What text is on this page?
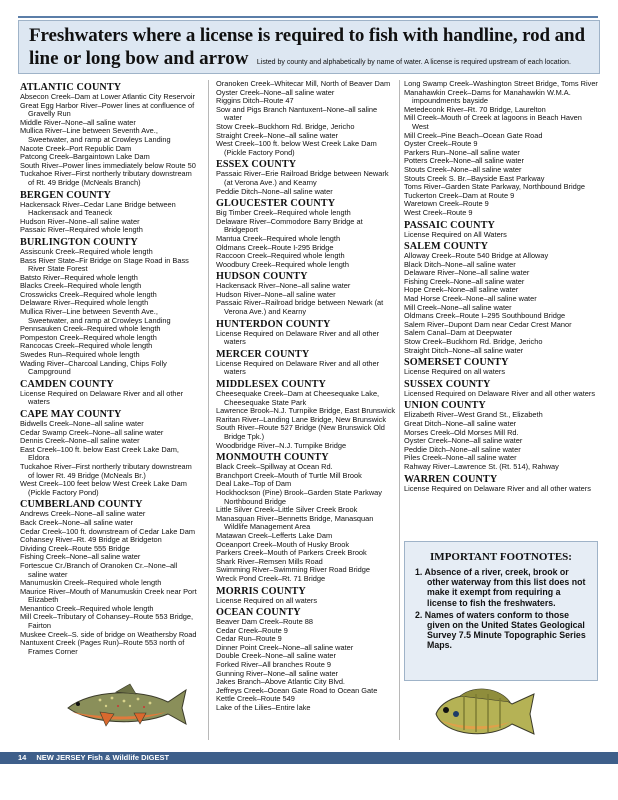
Freshwaters where a license is required to fish with handline, rod and
line or long bow and arrow Listed by county and alphabetically by name of water. A license is required upstream of each location.
ATLANTIC COUNTY
Absecon Creek–Dam at Lower Atlantic City Reservoir
Great Egg Harbor River–Power lines at confluence of Gravelly Run
Middle River–None–all saline water
Mullica River–Line between Seventh Ave., Sweetwater, and ramp at Crowleys Landing
Nacote Creek–Port Republic Dam
Patcong Creek–Bargaintown Lake Dam
South River–Power lines immediately below Route 50
Tuckahoe River–First northerly tributary downstream of Rt. 49 Bridge (McNeals Branch)
BERGEN COUNTY
Hackensack River–Cedar Lane Bridge between Hackensack and Teaneck
Hudson River–None–all saline water
Passaic River–Required whole length
BURLINGTON COUNTY
Assiscunk Creek–Required whole length
Bass River State–Fir Bridge on Stage Road in Bass River State Forest
Batsto River–Required whole length
Blacks Creek–Required whole length
Crosswicks Creek–Required whole length
Delaware River–Required whole length
Mullica River–Line between Seventh Ave., Sweetwater, and ramp at Crowleys Landing
Pennsauken Creek–Required whole length
Pompeston Creek–Required whole length
Rancocas Creek–Required whole length
Swedes Run–Required whole length
Wading River–Charcoal Landing, Chips Folly Campground
CAMDEN COUNTY
License Required on Delaware River and all other waters
CAPE MAY COUNTY
Bidwells Creek–None–all saline water
Cedar Swamp Creek–None–all saline water
Dennis Creek–None–all saline water
East Creek–100 ft. below East Creek Lake Dam, Eldora
Tuckahoe River–First northerly tributary downstream of lower Rt. 49 Bridge (McNeals Br.)
West Creek–100 feet below West Creek Lake Dam (Pickle Factory Pond)
CUMBERLAND COUNTY
Andrews Creek–None–all saline water
Back Creek–None–all saline water
Cedar Creek–100 ft. downstream of Cedar Lake Dam
Cohansey River–Rt. 49 Bridge at Bridgeton
Dividing Creek–Route 555 Bridge
Fishing Creek–None–all saline water
Fortescue Cr./Branch of Oranoken Cr.–None–all saline water
Manumuskin Creek–Required whole length
Maurice River–Mouth of Manumuskin Creek near Port Elizabeth
Menantico Creek–Required whole length
Mill Creek–Tributary of Cohansey–Route 553 Bridge, Fairton
Muskee Creek–S. side of bridge on Weathersby Road
Nantuxent Creek (Pages Run)–Route 553 north of Frames Corner
Oranoken Creek–Whitecar Mill, North of Beaver Dam
Oyster Creek–None–all saline water
Riggins Ditch–Route 47
Sow and Pigs Branch Nantuxent–None–all saline water
Stow Creek–Buckhorn Rd. Bridge, Jericho
Straight Creek–None–all saline water
West Creek–100 ft. below West Creek Lake Dam (Pickle Factory Pond)
ESSEX COUNTY
Passaic River–Erie Railroad Bridge between Newark (at Verona Ave.) and Kearny
Peddie Ditch–None–all saline water
GLOUCESTER COUNTY
Big Timber Creek–Required whole length
Delaware River–Commodore Barry Bridge at Bridgeport
Mantua Creek–Required whole length
Oldmans Creek–Route I-295 Bridge
Raccoon Creek–Required whole length
Woodbury Creek–Required whole length
HUDSON COUNTY
Hackensack River–None–all saline water
Hudson River–None–all saline water
Passaic River–Railroad bridge between Newark (at Verona Ave.) and Kearny
HUNTERDON COUNTY
License Required on Delaware River and all other waters
MERCER COUNTY
License Required on Delaware River and all other waters
MIDDLESEX COUNTY
Cheesequake Creek–Dam at Cheesequake Lake, Cheesequake State Park
Lawrence Brook–N.J. Turnpike Bridge, East Brunswick
Raritan River–Landing Lane Bridge, New Brunswick
South River–Route 527 Bridge (New Brunswick Old Bridge Tpk.)
Woodbridge River–N.J. Turnpike Bridge
MONMOUTH COUNTY
Black Creek–Spillway at Ocean Rd.
Branchport Creek–Mouth of Turtle Mill Brook
Deal Lake–Top of Dam
Hockhockson (Pine) Brook–Garden State Parkway Northbound Bridge
Little Silver Creek–Little Silver Creek Brook
Manasquan River–Bennetts Bridge, Manasquan Wildlife Management Area
Matawan Creek–Lefferts Lake Dam
Oceanport Creek–Mouth of Husky Brook
Parkers Creek–Mouth of Parkers Creek Brook
Shark River–Remsen Mills Road
Swimming River–Swimming River Road Bridge
Wreck Pond Creek–Rt. 71 Bridge
MORRIS COUNTY
License Required on all waters
OCEAN COUNTY
Beaver Dam Creek–Route 88
Cedar Creek–Route 9
Cedar Run–Route 9
Dinner Point Creek–None–all saline water
Double Creek–None–all saline water
Forked River–All branches Route 9
Gunning River–None–all saline water
Jakes Branch–Above Atlantic City Blvd.
Jeffreys Creek–Ocean Gate Road to Ocean Gate
Kettle Creek–Route 549
Lake of the Lilies–Entire lake
Long Swamp Creek–Washington Street Bridge, Toms River
Manahawkin Creek–Dams for Manahawkin W.M.A. impoundments bayside
Metedeconk River–Rt. 70 Bridge, Laurelton
Mill Creek–Mouth of Creek at lagoons in Beach Haven West
Mill Creek–Pine Beach–Ocean Gate Road
Oyster Creek–Route 9
Parkers Run–None–all saline water
Potters Creek–None–all saline water
Stouts Creek–None–all saline water
Stouts Creek S. Br.–Bayside East Parkway
Toms River–Garden State Parkway, Northbound Bridge
Tuckerton Creek–Dam at Route 9
Waretown Creek–Route 9
West Creek–Route 9
PASSAIC COUNTY
License Required on All Waters
SALEM COUNTY
Alloway Creek–Route 540 Bridge at Alloway
Black Ditch–None–all saline water
Delaware River–None–all saline water
Fishing Creek–None–all saline water
Hope Creek–None–all saline water
Mad Horse Creek–None–all saline water
Mill Creek–None–all saline water
Oldmans Creek–Route I–295 Southbound Bridge
Salem River–Dupont Dam near Cedar Crest Manor
Salem Canal–Dam at Deepwater
Stow Creek–Buckhorn Rd. Bridge, Jericho
Straight Ditch–None–all saline water
SOMERSET COUNTY
License Required on all waters
SUSSEX COUNTY
Licensed Required on Delaware River and all other waters
UNION COUNTY
Elizabeth River–West Grand St., Elizabeth
Great Ditch–None–all saline water
Morses Creek–Old Morses Mill Rd.
Oyster Creek–None–all saline water
Peddie Ditch–None–all saline water
Piles Creek–None–all saline water
Rahway River–Lawrence St. (Rt. 514), Rahway
WARREN COUNTY
License Required on Delaware River and all other waters
IMPORTANT FOOTNOTES:
1. Absence of a river, creek, brook or other waterway from this list does not make it exempt from requiring a license to fish the freshwaters.
2. Names of waters conform to those given on the United States Geological Survey 7.5 Minute Topographic Series Maps.
14 NEW JERSEY Fish & Wildlife DIGEST
